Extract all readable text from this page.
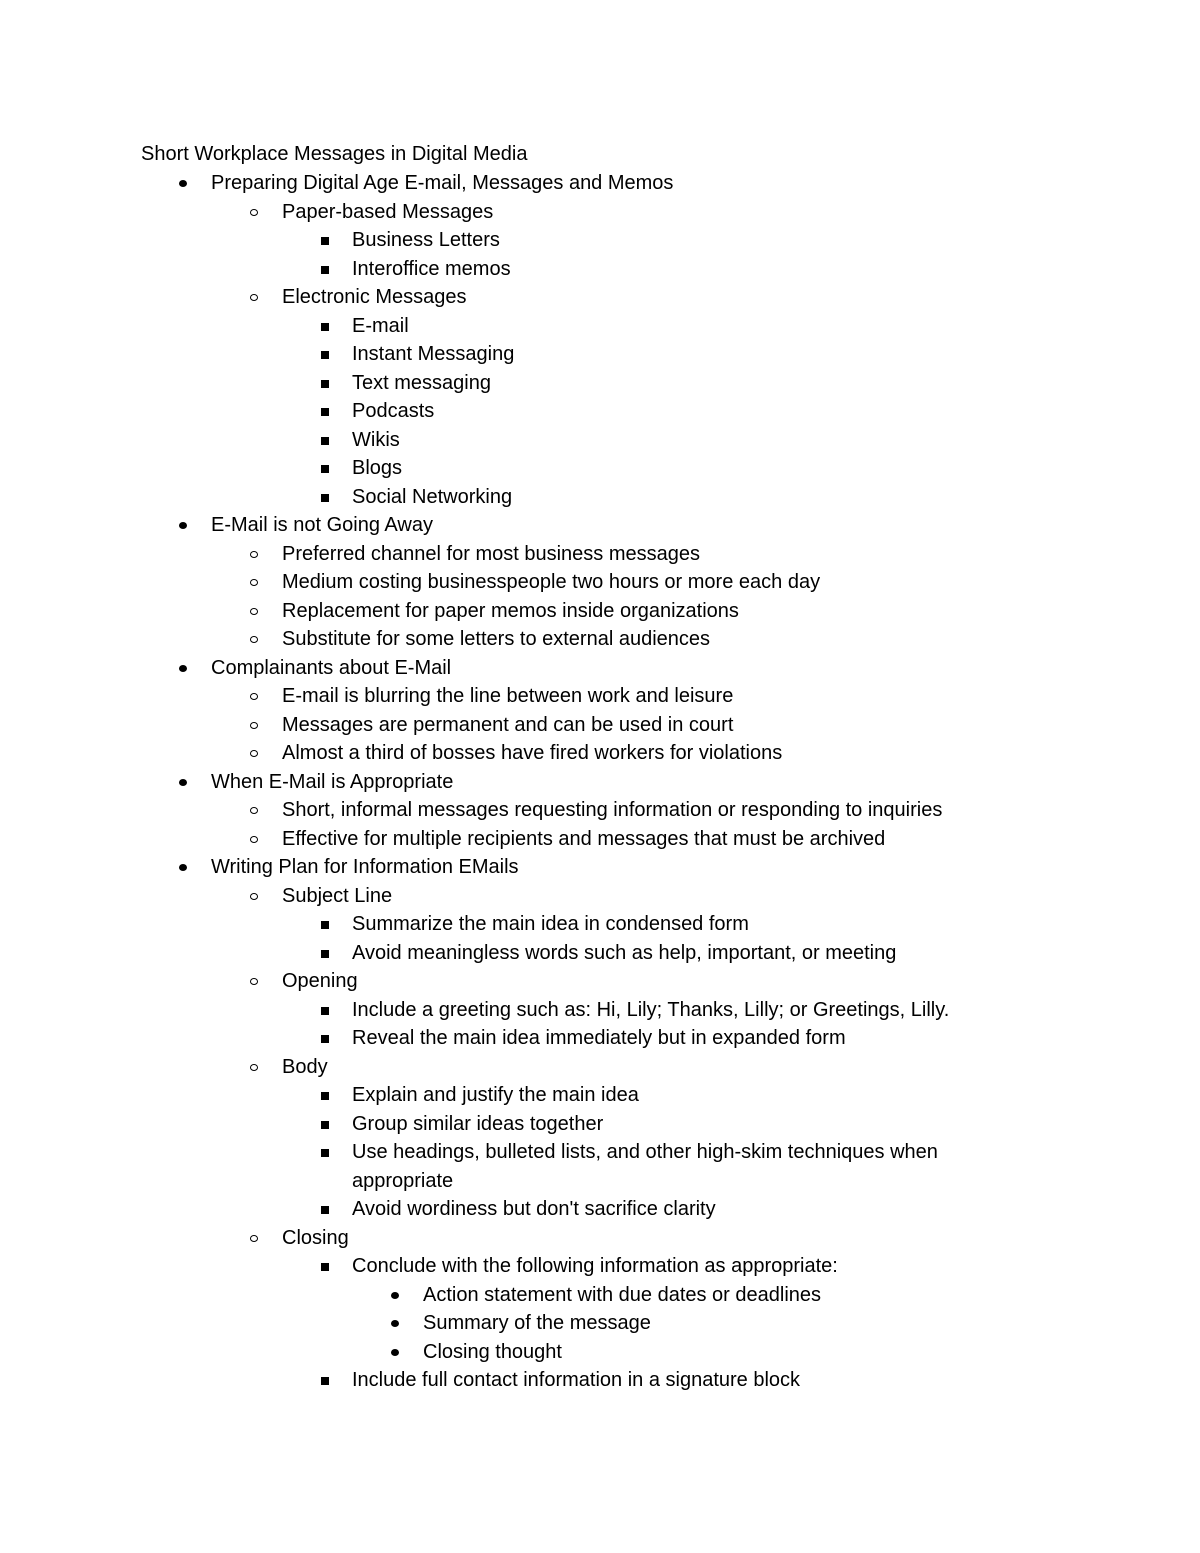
Short Workplace Messages in Digital Media
Preparing Digital Age E-mail, Messages and Memos
Paper-based Messages
Business Letters
Interoffice memos
Electronic Messages
E-mail
Instant Messaging
Text messaging
Podcasts
Wikis
Blogs
Social Networking
E-Mail is not Going Away
Preferred channel for most business messages
Medium costing businesspeople two hours or more each day
Replacement for paper memos inside organizations
Substitute for some letters to external audiences
Complainants about E-Mail
E-mail is blurring the line between work and leisure
Messages are permanent and can be used in court
Almost a third of bosses have fired workers for violations
When E-Mail is Appropriate
Short, informal messages requesting information or responding to inquiries
Effective for multiple recipients and messages that must be archived
Writing Plan for Information EMails
Subject Line
Summarize the main idea in condensed form
Avoid meaningless words such as help, important, or meeting
Opening
Include a greeting such as: Hi, Lily; Thanks, Lilly; or Greetings, Lilly.
Reveal the main idea immediately but in expanded form
Body
Explain and justify the main idea
Group similar ideas together
Use headings, bulleted lists, and other high-skim techniques when appropriate
Avoid wordiness but don't sacrifice clarity
Closing
Conclude with the following information as appropriate:
Action statement with due dates or deadlines
Summary of the message
Closing thought
Include full contact information in a signature block
